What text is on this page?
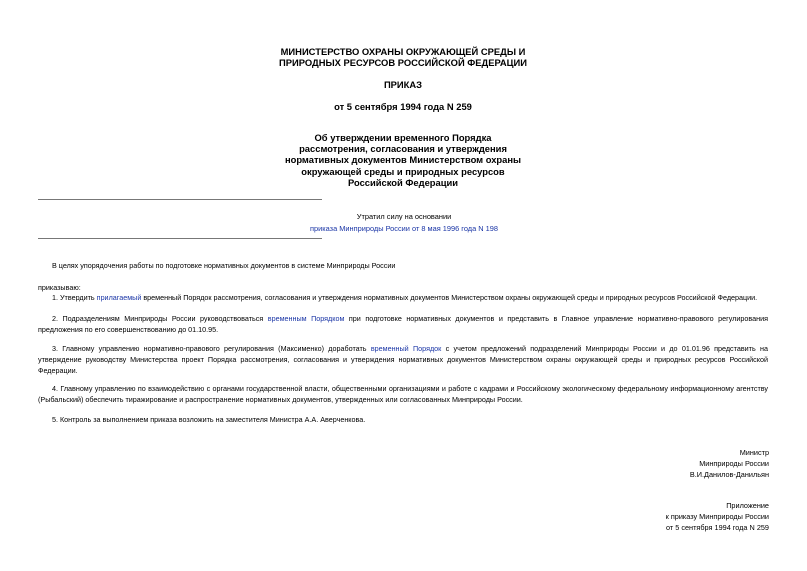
МИНИСТЕРСТВО ОХРАНЫ ОКРУЖАЮЩЕЙ СРЕДЫ И
ПРИРОДНЫХ РЕСУРСОВ РОССИЙСКОЙ ФЕДЕРАЦИИ
ПРИКАЗ
от 5 сентября 1994 года N 259
Об утверждении временного Порядка
рассмотрения, согласования и утверждения
нормативных документов Министерством охраны
окружающей среды и природных ресурсов
Российской Федерации
Утратил силу на основании
приказа Минприроды России от 8 мая 1996 года N 198
В целях упорядочения работы по подготовке нормативных документов в системе Минприроды России
приказываю:
1. Утвердить прилагаемый временный Порядок рассмотрения, согласования и утверждения нормативных документов Министерством охраны окружающей среды и природных ресурсов Российской Федерации.
2. Подразделениям Минприроды России руководствоваться временным Порядком при подготовке нормативных документов и представить в Главное управление нормативно-правового регулирования предложения по его совершенствованию до 01.10.95.
3. Главному управлению нормативно-правового регулирования (Максименко) доработать временный Порядок с учетом предложений подразделений Минприроды России и до 01.01.96 представить на утверждение руководству Министерства проект Порядка рассмотрения, согласования и утверждения нормативных документов Министерством охраны окружающей среды и природных ресурсов Российской Федерации.
4. Главному управлению по взаимодействию с органами государственной власти, общественными организациями и работе с кадрами и Российскому экологическому федеральному информационному агентству (Рыбальский) обеспечить тиражирование и распространение нормативных документов, утвержденных или согласованных Минприроды России.
5. Контроль за выполнением приказа возложить на заместителя Министра А.А. Аверченкова.
Министр
Минприроды России
В.И.Данилов-Данильян
Приложение
к приказу Минприроды России
от 5 сентября 1994 года N 259
